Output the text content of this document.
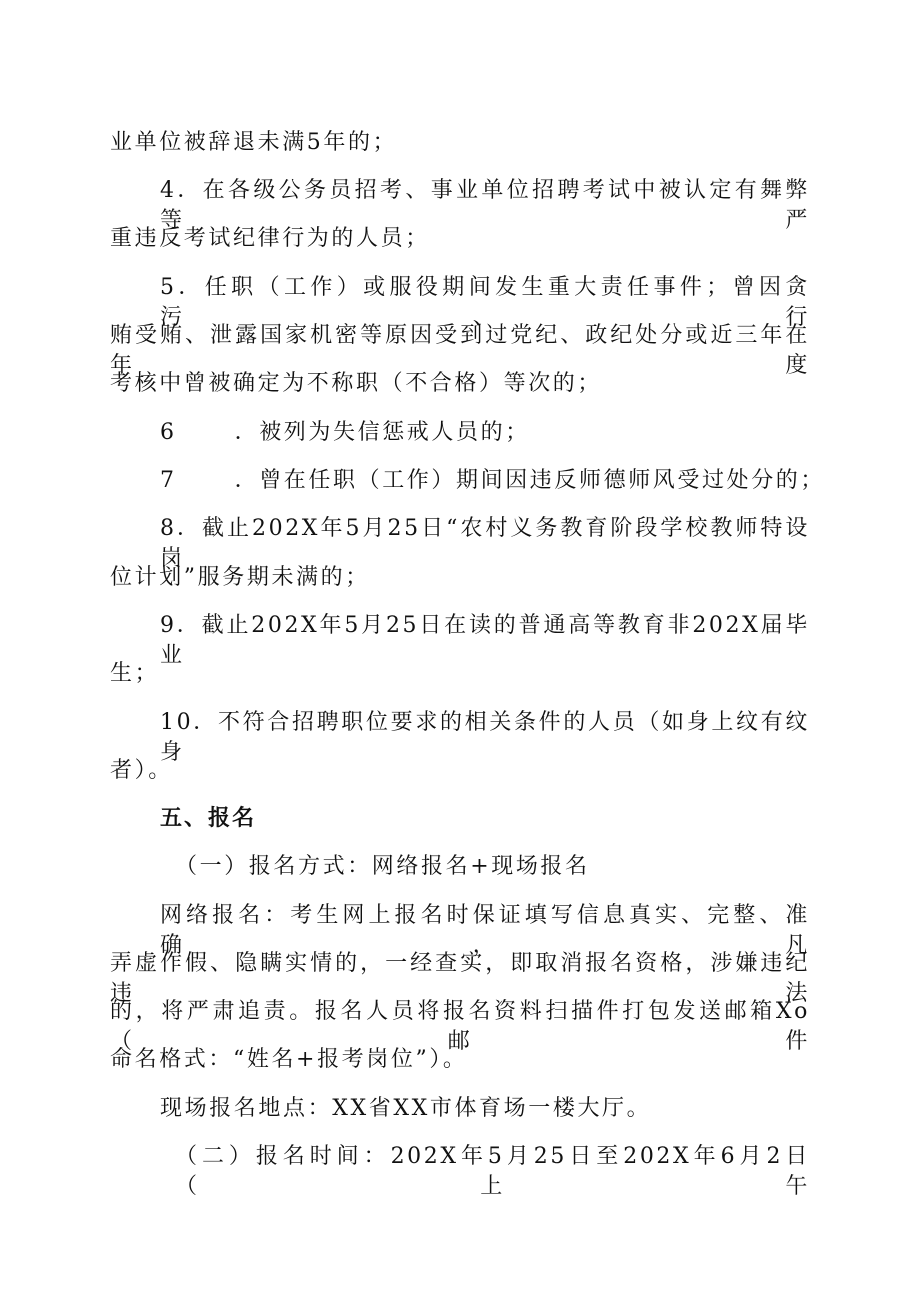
业单位被辞退未满5年的；
4．在各级公务员招考、事业单位招聘考试中被认定有舞弊等严
重违反考试纪律行为的人员；
5．任职（工作）或服役期间发生重大责任事件；曾因贪污、行
贿受贿、泄露国家机密等原因受到过党纪、政纪处分或近三年在年度
考核中曾被确定为不称职（不合格）等次的；
6	．被列为失信惩戒人员的；
7	．曾在任职（工作）期间因违反师德师风受过处分的；
8．截止202X年5月25日“农村义务教育阶段学校教师特设岗
位计划”服务期未满的；
9．截止202X年5月25日在读的普通高等教育非202X届毕业
生；
10．不符合招聘职位要求的相关条件的人员（如身上纹有纹身
者）。
五、报名
（一）报名方式：网络报名+现场报名
网络报名：考生网上报名时保证填写信息真实、完整、准确，凡
弄虚作假、隐瞒实情的，一经查实，即取消报名资格，涉嫌违纪违法
的，将严肃追责。报名人员将报名资料扫描件打包发送邮箱Xo（邮件
命名格式：“姓名+报考岗位”）。
现场报名地点：XX省XX市体育场一楼大厅。
（二）报名时间：202X年5月25日至202X年6月2日（上午
